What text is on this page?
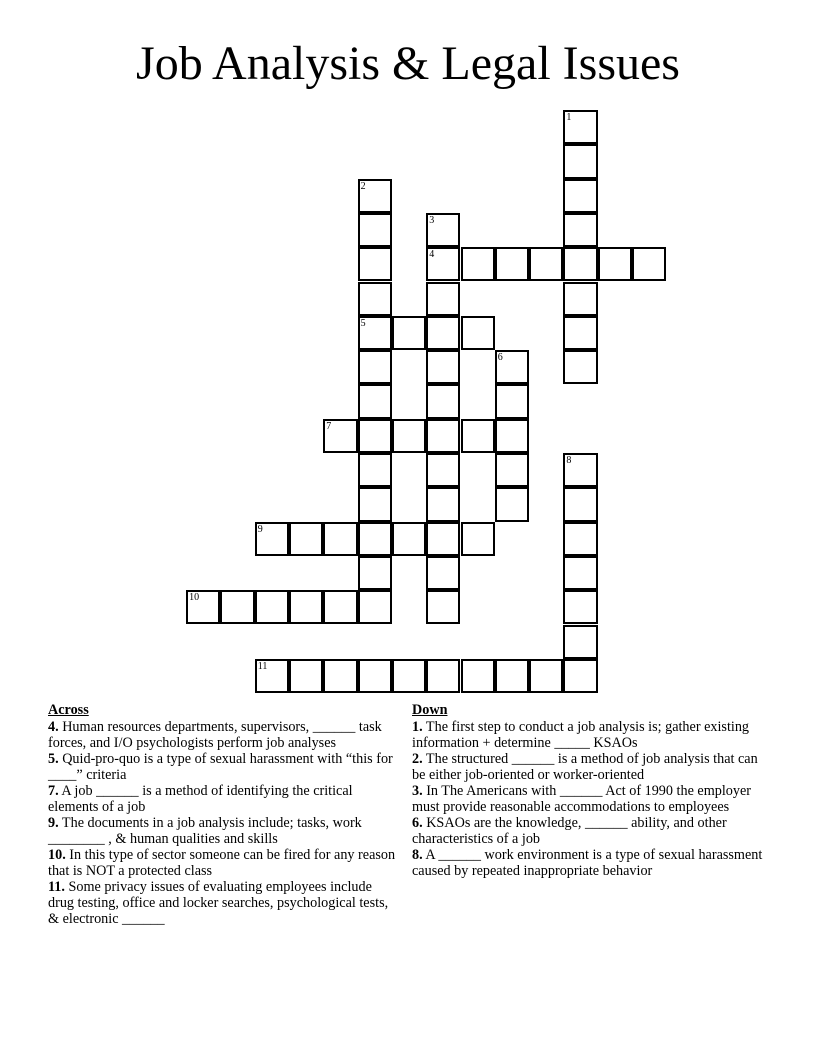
Job Analysis & Legal Issues
1
2
3
4
5
6
7
8
9
10
11
Across

4. Human resources departments, supervisors, ______ task forces, and I/O psychologists perform job analyses

5. Quid-pro-quo is a type of sexual harassment with “this for ____” criteria

7. A job ______ is a method of identifying the critical elements of a job

9. The documents in a job analysis include; tasks, work ________ , & human qualities and skills

10. In this type of sector someone can be fired for any reason that is NOT a protected class

11. Some privacy issues of evaluating employees include drug testing, office and locker searches, psychological tests, & electronic ______

Down

1. The first step to conduct a job analysis is; gather existing information + determine _____ KSAOs

2. The structured ______ is a method of job analysis that can be either job-oriented or worker-oriented

3. In The Americans with ______ Act of 1990 the employer must provide reasonable accommodations to employees

6. KSAOs are the knowledge, ______ ability, and other characteristics of a job

8. A ______ work environment is a type of sexual harassment caused by repeated inappropriate behavior
